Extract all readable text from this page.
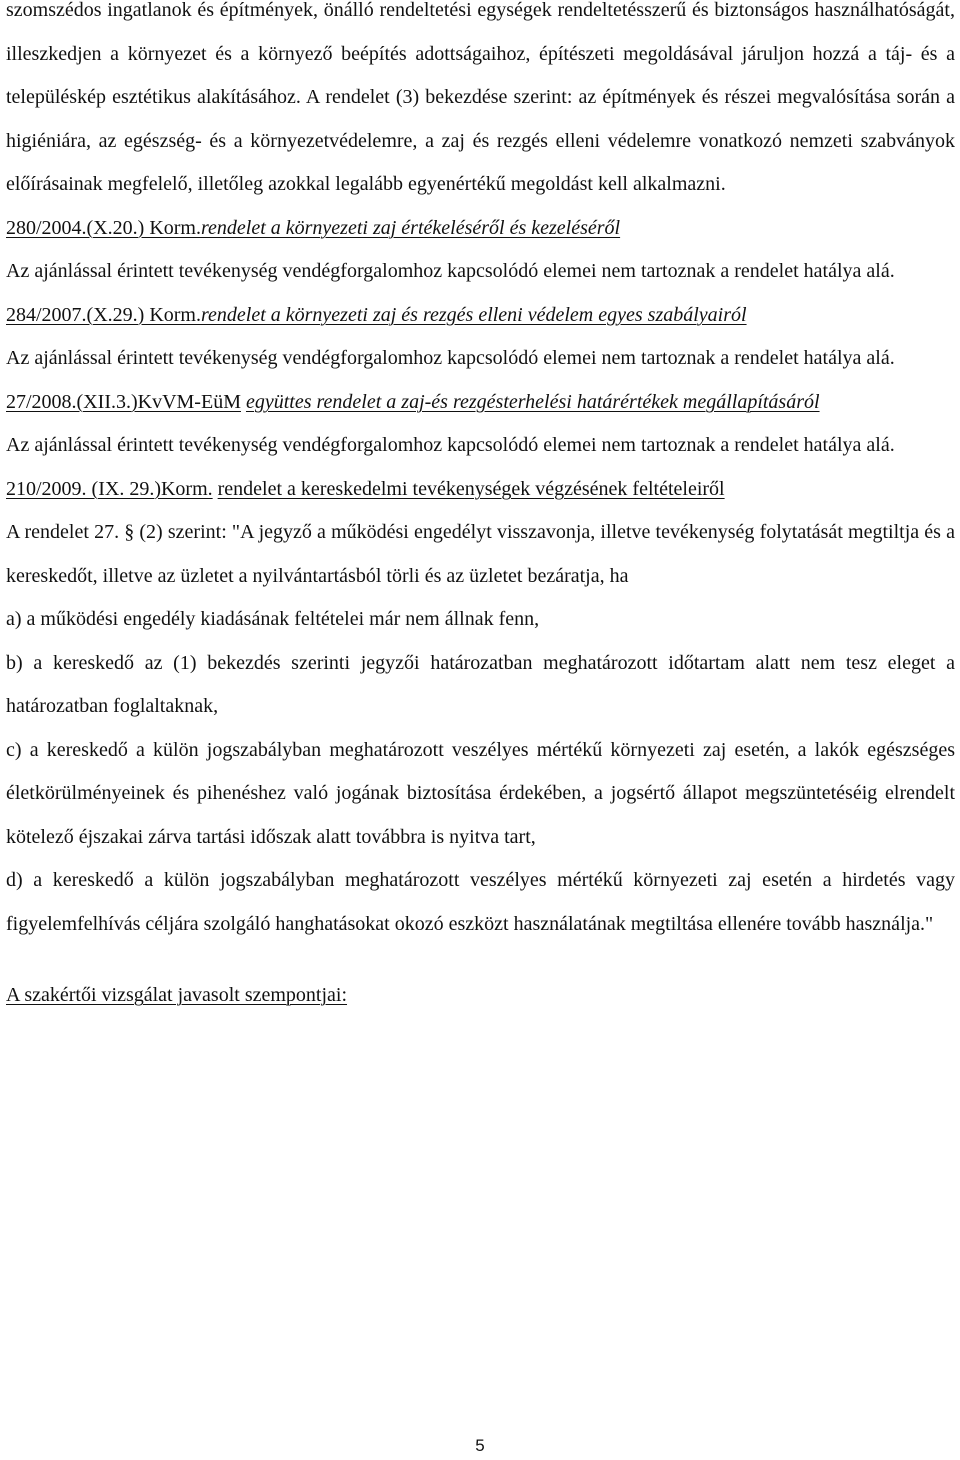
szomszédos ingatlanok és építmények, önálló rendeltetési egységek rendeltetésszerű és biztonságos használhatóságát, illeszkedjen a környezet és a környező beépítés adottságaihoz, építészeti megoldásával járuljon hozzá a táj- és a településkép esztétikus alakításához. A rendelet (3) bekezdése szerint: az építmények és részei megvalósítása során a higiéniára, az egészség- és a környezetvédelemre, a zaj és rezgés elleni védelemre vonatkozó nemzeti szabványok előírásainak megfelelő, illetőleg azokkal legalább egyenértékű megoldást kell alkalmazni.

280/2004.(X.20.) Korm.rendelet a környezeti zaj értékeléséről és kezeléséről

Az ajánlással érintett tevékenység vendégforgalomhoz kapcsolódó elemei nem tartoznak a rendelet hatálya alá.

284/2007.(X.29.) Korm.rendelet a környezeti zaj és rezgés elleni védelem egyes szabályairól

Az ajánlással érintett tevékenység vendégforgalomhoz kapcsolódó elemei nem tartoznak a rendelet hatálya alá.

27/2008.(XII.3.)KvVM-EüM együttes rendelet a zaj-és rezgésterhelési határértékek megállapításáról

Az ajánlással érintett tevékenység vendégforgalomhoz kapcsolódó elemei nem tartoznak a rendelet hatálya alá.

210/2009. (IX. 29.)Korm. rendelet a kereskedelmi tevékenységek végzésének feltételeiről

A rendelet 27. § (2) szerint: "A jegyző a működési engedélyt visszavonja, illetve tevékenység folytatását megtiltja és a kereskedőt, illetve az üzletet a nyilvántartásból törli és az üzletet bezáratja, ha

a) a működési engedély kiadásának feltételei már nem állnak fenn,

b) a kereskedő az (1) bekezdés szerinti jegyzői határozatban meghatározott időtartam alatt nem tesz eleget a határozatban foglaltaknak,

c) a kereskedő a külön jogszabályban meghatározott veszélyes mértékű környezeti zaj esetén, a lakók egészséges életkörülményeinek és pihenéshez való jogának biztosítása érdekében, a jogsértő állapot megszüntetéséig elrendelt kötelező éjszakai zárva tartási időszak alatt továbbra is nyitva tart,

d) a kereskedő a külön jogszabályban meghatározott veszélyes mértékű környezeti zaj esetén a hirdetés vagy figyelemfelhívás céljára szolgáló hanghatásokat okozó eszközt használatának megtiltása ellenére tovább használja."

A szakértői vizsgálat javasolt szempontjai:

5
